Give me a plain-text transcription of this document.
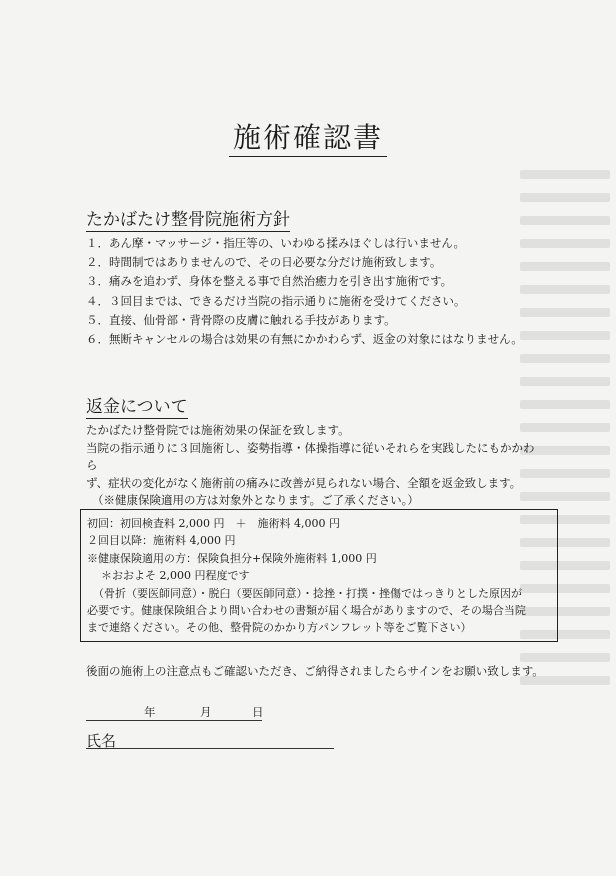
施術確認書
たかばたけ整骨院施術方針
１．あん摩・マッサージ・指圧等の、いわゆる揉みほぐしは行いません。
２．時間制ではありませんので、その日必要な分だけ施術致します。
３．痛みを追わず、身体を整える事で自然治癒力を引き出す施術です。
４．３回目までは、できるだけ当院の指示通りに施術を受けてください。
５．直接、仙骨部・背骨際の皮膚に触れる手技があります。
６．無断キャンセルの場合は効果の有無にかかわらず、返金の対象にはなりません。
返金について

たかばたけ整骨院では施術効果の保証を致します。

当院の指示通りに３回施術し、姿勢指導・体操指導に従いそれらを実践したにもかかわら

ず、症状の変化がなく施術前の痛みに改善が見られない場合、全額を返金致します。

（※健康保険適用の方は対象外となります。ご了承ください。）

初回：初回検査料 2,000 円　＋　施術料 4,000 円

２回目以降：施術料 4,000 円

※健康保険適用の方：保険負担分+保険外施術料 1,000 円

＊おおよそ 2,000 円程度です

（骨折（要医師同意）・脱臼（要医師同意）・捻挫・打撲・挫傷ではっきりとした原因が

必要です。健康保険組合より問い合わせの書類が届く場合がありますので、その場合当院

まで連絡ください。その他、整骨院のかかり方パンフレット等をご覧下さい）

後面の施術上の注意点もご確認いただき、ご納得されましたらサインをお願い致します。
年	月	日
氏名
